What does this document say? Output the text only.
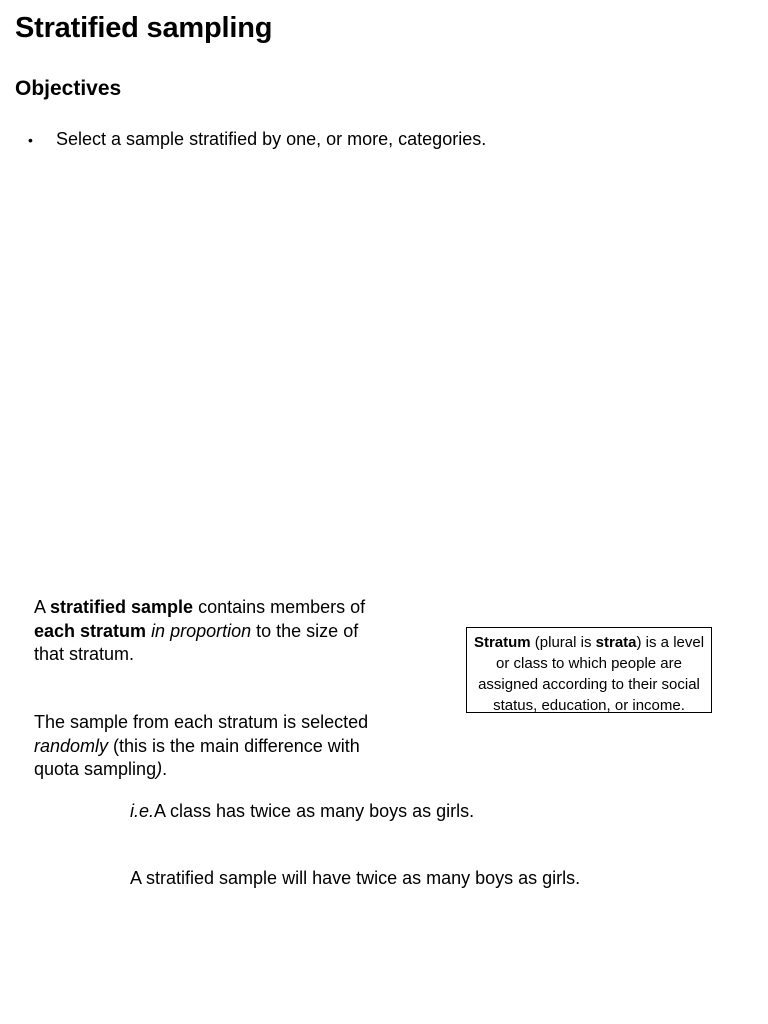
Stratified sampling
Objectives
•	Select a sample stratified by one, or more, categories.

A stratified sample contains members of each stratum in proportion to the size of that stratum.

Stratum (plural is strata) is a level or class to which people are assigned according to their social status, education, or income.

The sample from each stratum is selected randomly (this is the main difference with quota sampling).

i.e.A class has twice as many boys as girls.

A stratified sample will have twice as many boys as girls.
